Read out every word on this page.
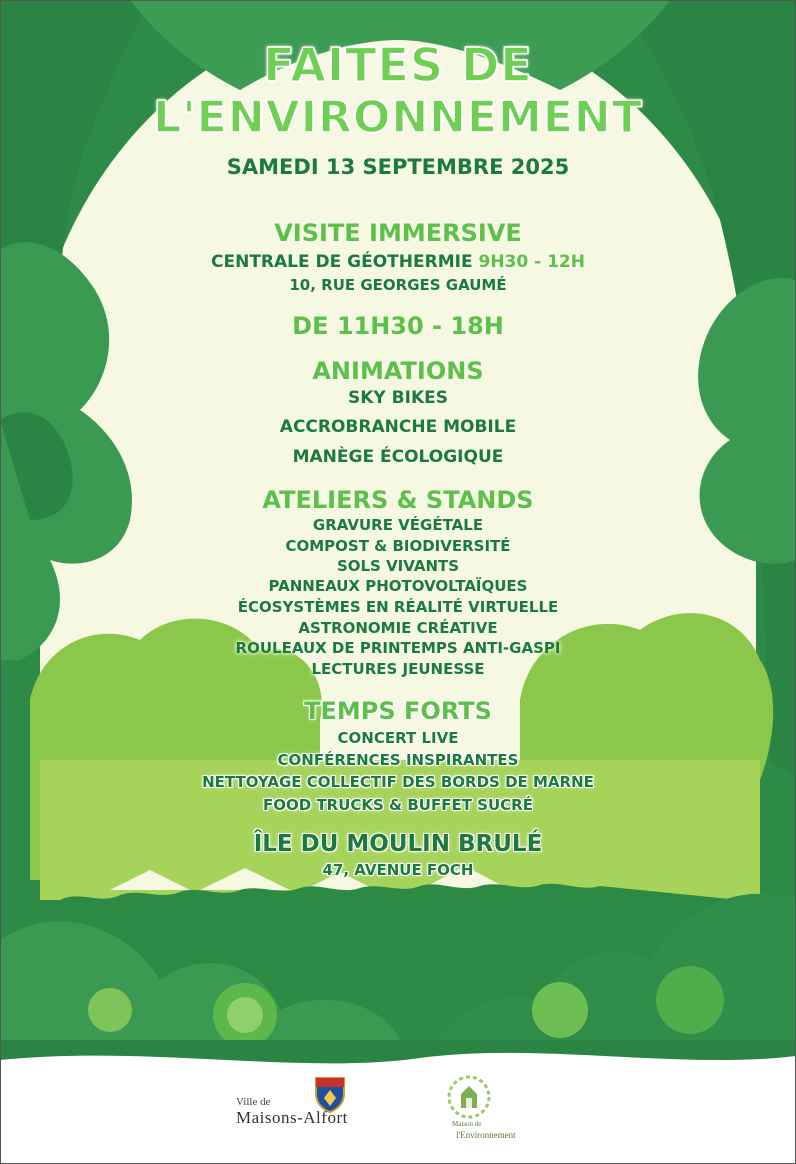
FAITES DE
L'ENVIRONNEMENT
SAMEDI 13 SEPTEMBRE 2025
VISITE IMMERSIVE
CENTRALE DE GÉOTHERMIE 9H30 - 12H
10, RUE GEORGES GAUMÉ
DE 11H30 - 18H
ANIMATIONS
SKY BIKES
ACCROBRANCHE MOBILE
MANÈGE ÉCOLOGIQUE
ATELIERS & STANDS
GRAVURE VÉGÉTALE
COMPOST & BIODIVERSITÉ
SOLS VIVANTS
PANNEAUX PHOTOVOLTAÏQUES
ÉCOSYSTÈMES EN RÉALITÉ VIRTUELLE
ASTRONOMIE CRÉATIVE
ROULEAUX DE PRINTEMPS ANTI-GASPI
LECTURES JEUNESSE
TEMPS FORTS
CONCERT LIVE
CONFÉRENCES INSPIRANTES
NETTOYAGE COLLECTIF DES BORDS DE MARNE
FOOD TRUCKS & BUFFET SUCRÉ
ÎLE DU MOULIN BRULÉ
47, AVENUE FOCH
Ville de
Maisons-Alfort	Maison de
l'Environnement
